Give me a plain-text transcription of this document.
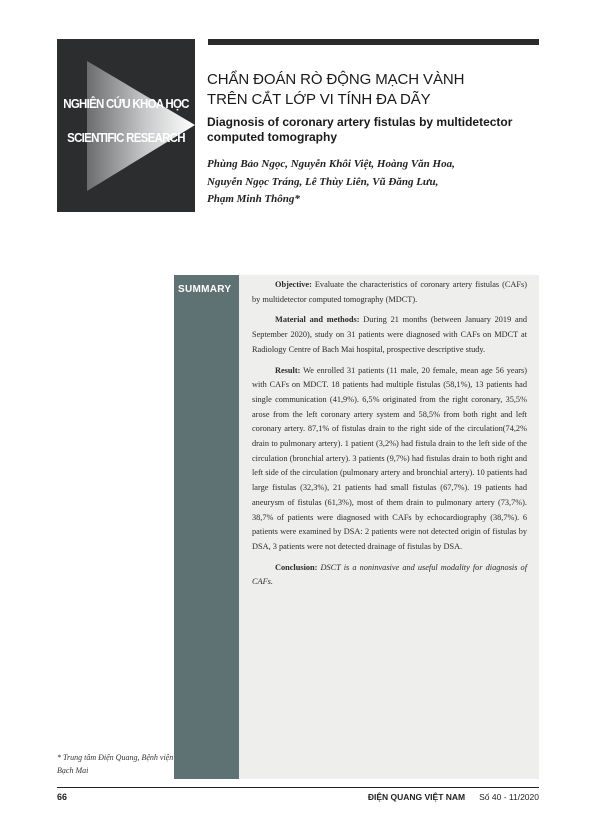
NGHIÊN CỨU KHOA HỌC
SCIENTIFIC RESEARCH
CHẨN ĐOÁN RÒ ĐỘNG MẠCH VÀNH
TRÊN CẮT LỚP VI TÍNH ĐA DÃY
Diagnosis of coronary artery fistulas by multidetector computed tomography
Phùng Bảo Ngọc, Nguyễn Khôi Việt, Hoàng Văn Hoa,
Nguyễn Ngọc Tráng, Lê Thùy Liên, Vũ Đăng Lưu,
Phạm Minh Thông*
SUMMARY	Objective: Evaluate the characteristics of coronary artery fistulas (CAFs) by multidetector computed tomography (MDCT).

Material and methods: During 21 months (between January 2019 and September 2020), study on 31 patients were diagnosed with CAFs on MDCT at Radiology Centre of Bach Mai hospital, prospective descriptive study.

Result: We enrolled 31 patients (11 male, 20 female, mean age 56 years) with CAFs on MDCT. 18 patients had multiple fistulas (58,1%), 13 patients had single communication (41,9%). 6,5% originated from the right coronary, 35,5% arose from the left coronary artery system and 58,5% from both right and left coronary artery. 87,1% of fistulas drain to the right side of the circulation(74,2% drain to pulmonary artery). 1 patient (3,2%) had fistula drain to the left side of the circulation (bronchial artery). 3 patients (9,7%) had fistulas drain to both right and left side of the circulation (pulmonary artery and bronchial artery). 10 patients had large fistulas (32,3%), 21 patients had small fistulas (67,7%). 19 patients had aneurysm of fistulas (61,3%), most of them drain to pulmonary artery (73,7%). 38,7% of patients were diagnosed with CAFs by echocardiography (38,7%). 6 patients were examined by DSA: 2 patients were not detected origin of fistulas by DSA, 3 patients were not detected drainage of fistulas by DSA.

Conclusion: DSCT is a noninvasive and useful modality for diagnosis of CAFs.

* Trung tâm Điện Quang, Bệnh viện Bạch Mai
66	ĐIỆN QUANG VIỆT NAM Số 40 - 11/2020
